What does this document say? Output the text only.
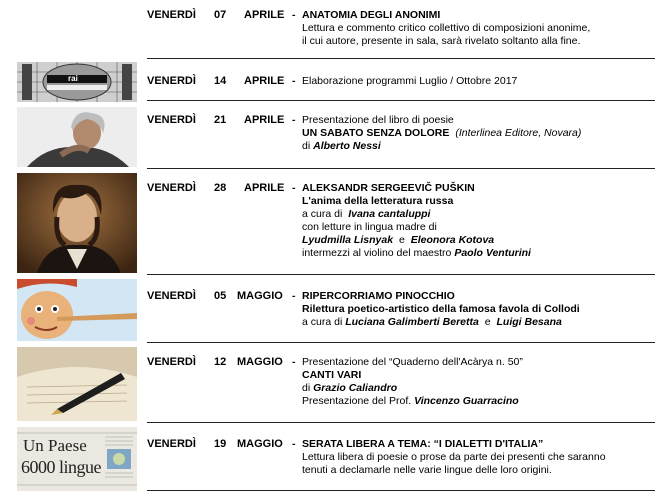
VENERDÌ 07 APRILE - ANATOMIA DEGLI ANONIMI
Lettura e commento critico collettivo di composizioni anonime,
il cui autore, presente in sala, sarà rivelato soltanto alla fine.
rai	VENERDÌ 14 APRILE - Elaborazione programmi Luglio / Ottobre 2017
VENERDÌ 21 APRILE - Presentazione del libro di poesie
UN SABATO SENZA DOLORE (Interlinea Editore, Novara)
di Alberto Nessi
VENERDÌ 28 APRILE - ALEKSANDR SERGEEVIČ PUŠKIN
L'anima della letteratura russa
a cura di Ivana cantaluppi
con letture in lingua madre di
Lyudmilla Lisnyak e Eleonora Kotova
intermezzi al violino del maestro Paolo Venturini
VENERDÌ 05 MAGGIO - RIPERCORRIAMO PINOCCHIO
Rilettura poetico-artistico della famosa favola di Collodi
a cura di Luciana Galimberti Beretta e Luigi Besana
VENERDÌ 12 MAGGIO - Presentazione del “Quaderno dell'Acàrya n. 50”
CANTI VARI
di Grazio Caliandro
Presentazione del Prof. Vincenzo Guarracino
Un Paese
6000 lingue
VENERDÌ 19 MAGGIO - SERATA LIBERA A TEMA: “I DIALETTI D'ITALIA”
Lettura libera di poesie o prose da parte dei presenti che saranno
tenuti a declamarle nelle varie lingue delle loro origini.
